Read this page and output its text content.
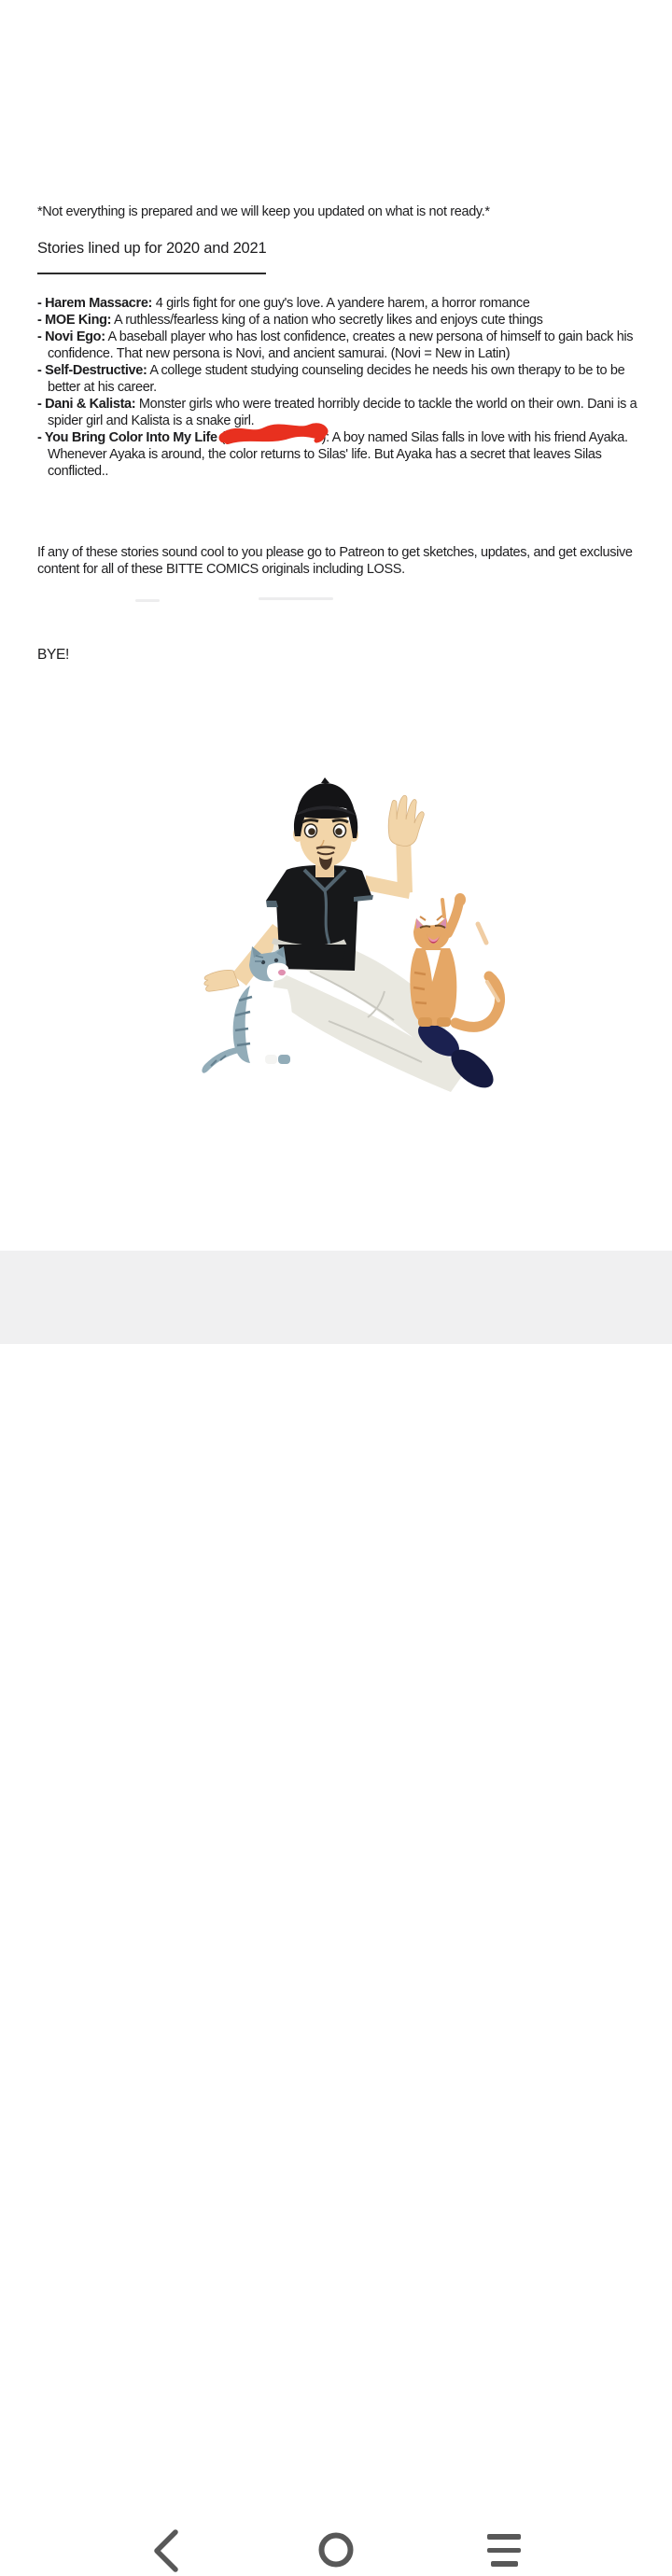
*Not everything is prepared and we will keep you updated on what is not ready.*

Stories lined up for 2020 and 2021
- Harem Massacre: 4 girls fight for one guy's love. A yandere harem, a horror romance
- MOE King: A ruthless/fearless king of a nation who secretly likes and enjoys cute things
- Novi Ego: A baseball player who has lost confidence, creates a new persona of himself to gain back his confidence. That new persona is Novi, and ancient samurai. (Novi = New in Latin)
- Self-Destructive: A college student studying counseling decides he needs his own therapy to be to be better at his career.
- Dani & Kalista: Monster girls who were treated horribly decide to tackle the world on their own. Dani is a spider girl and Kalista is a snake girl.
- You Bring Color Into My Life (	e): A boy named Silas falls in love with his friend Ayaka. Whenever Ayaka is around, the color returns to Silas' life. But Ayaka has a secret that leaves Silas conflicted..

If any of these stories sound cool to you please go to Patreon to get sketches, updates, and get exclusive content for all of these BITTE COMICS originals including LOSS.

BYE!
